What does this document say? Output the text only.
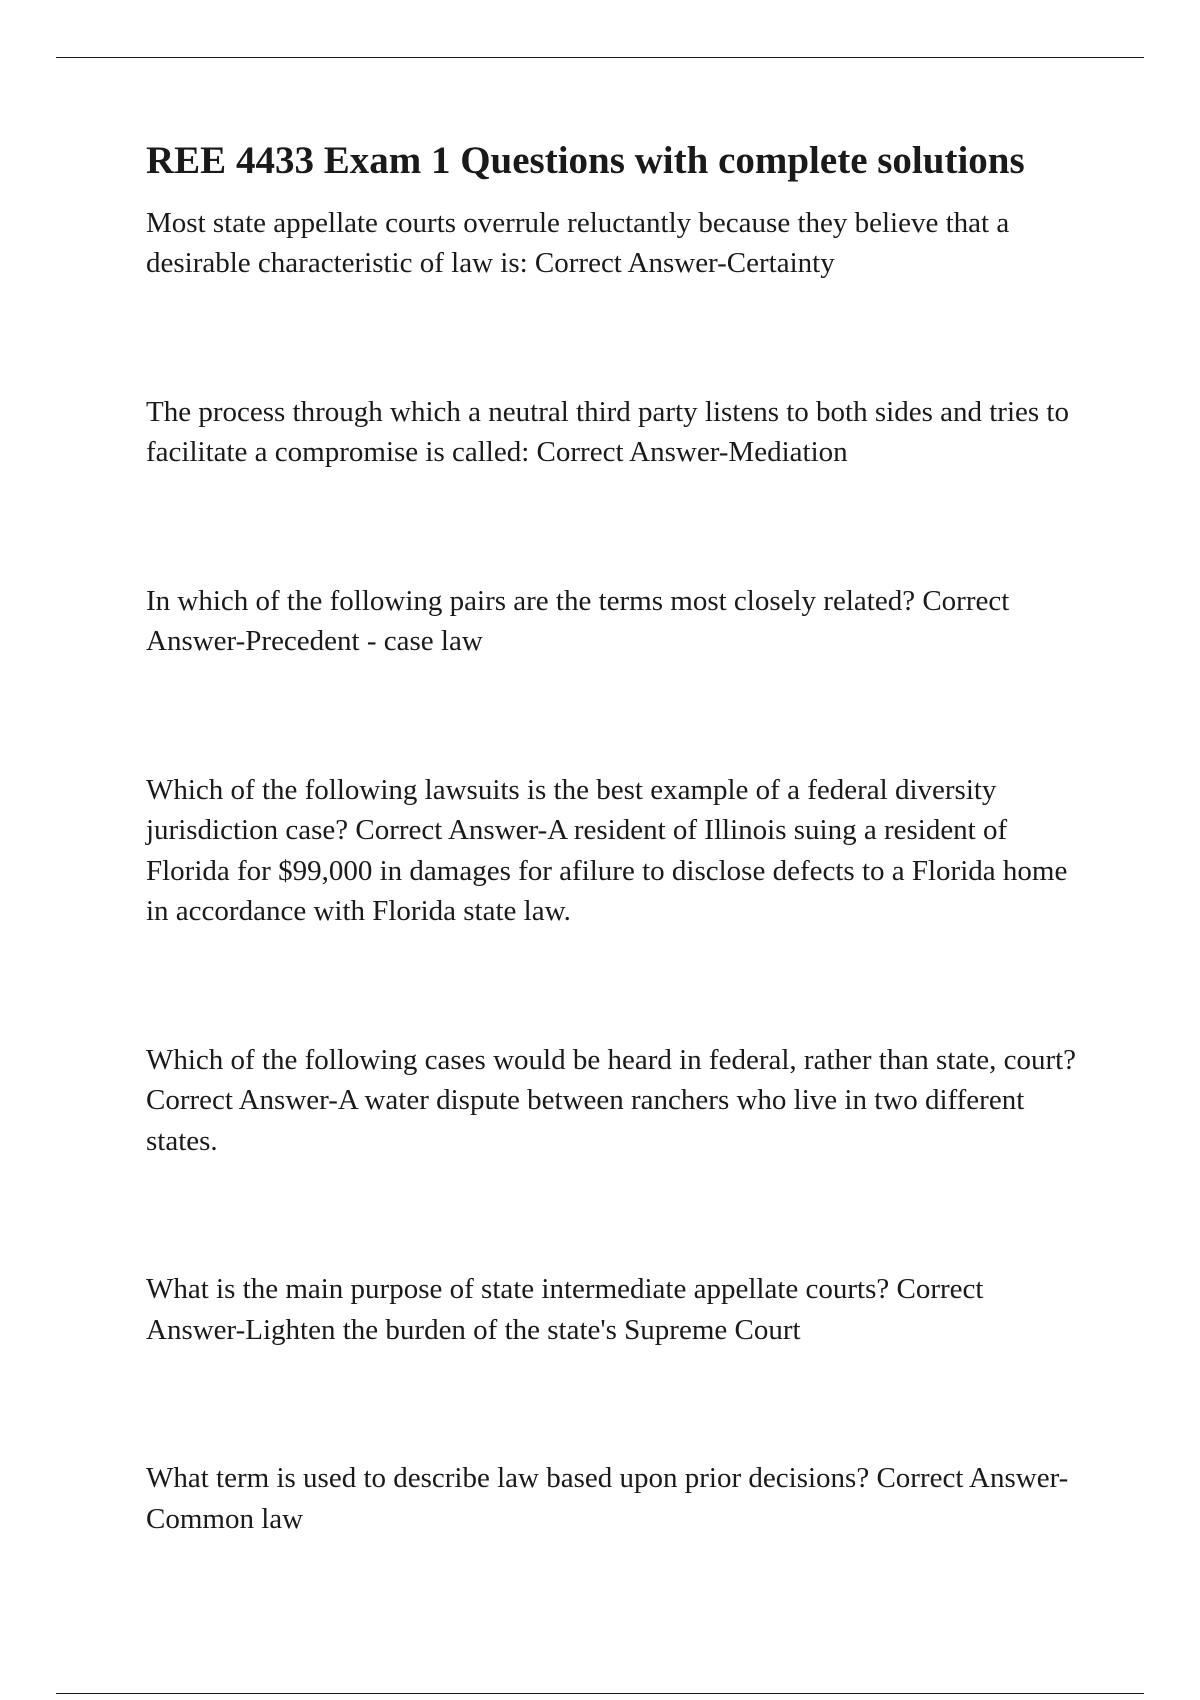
REE 4433 Exam 1 Questions with complete solutions

Most state appellate courts overrule reluctantly because they believe that a desirable characteristic of law is: Correct Answer-Certainty

The process through which a neutral third party listens to both sides and tries to facilitate a compromise is called: Correct Answer-Mediation

In which of the following pairs are the terms most closely related? Correct Answer-Precedent - case law

Which of the following lawsuits is the best example of a federal diversity jurisdiction case? Correct Answer-A resident of Illinois suing a resident of Florida for $99,000 in damages for afilure to disclose defects to a Florida home in accordance with Florida state law.

Which of the following cases would be heard in federal, rather than state, court? Correct Answer-A water dispute between ranchers who live in two different states.

What is the main purpose of state intermediate appellate courts? Correct Answer-Lighten the burden of the state's Supreme Court

What term is used to describe law based upon prior decisions? Correct Answer-Common law
